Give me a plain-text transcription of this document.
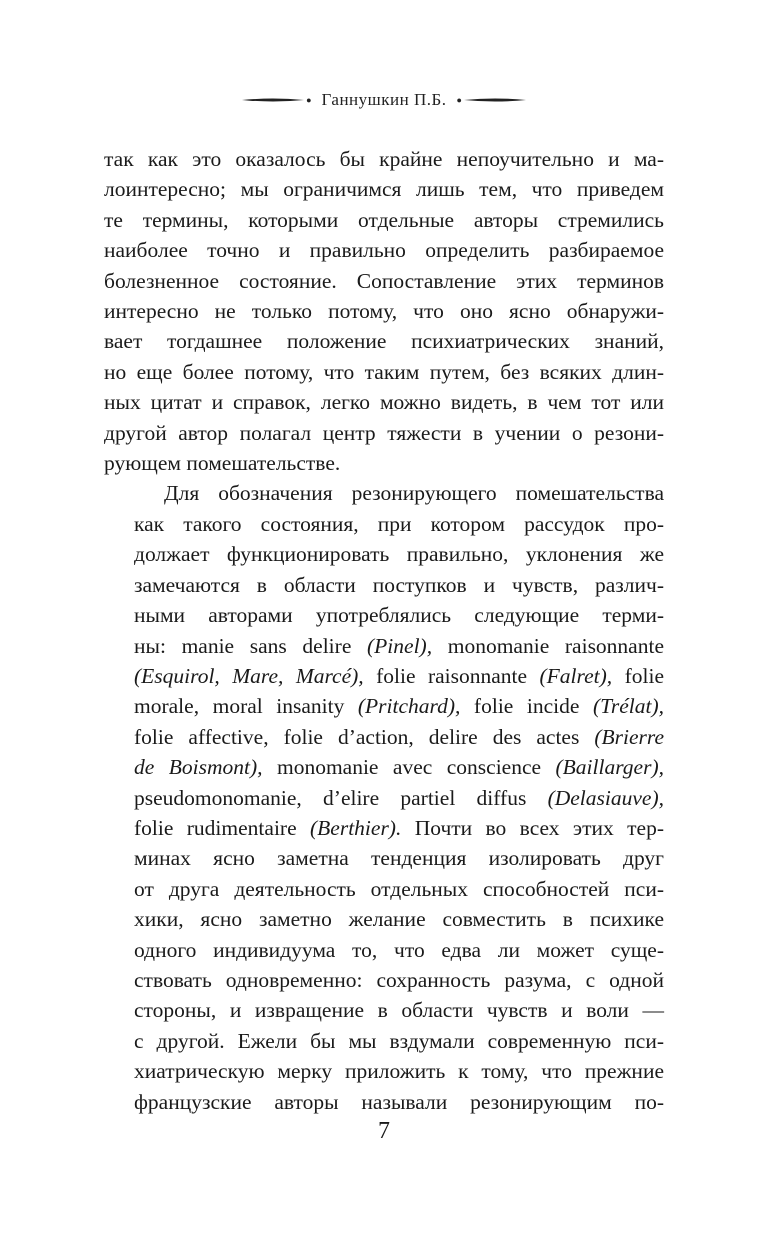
● Ганнушкин П.Б. ●

так как это оказалось бы крайне непоучительно и ма-
лоинтересно; мы ограничимся лишь тем, что приведем
те термины, которыми отдельные авторы стремились
наиболее точно и правильно определить разбираемое
болезненное состояние. Сопоставление этих терминов
интересно не только потому, что оно ясно обнаружи-
вает тогдашнее положение психиатрических знаний,
но еще более потому, что таким путем, без всяких длин-
ных цитат и справок, легко можно видеть, в чем тот или
другой автор полагал центр тяжести в учении о резони-
рующем помешательстве.

Для обозначения резонирующего помешательства
как такого состояния, при котором рассудок про-
должает функционировать правильно, уклонения же
замечаются в области поступков и чувств, различ-
ными авторами употреблялись следующие терми-
ны: manie sans delire (Pinel), monomanie raisonnante
(Esquirol, Mare, Marcé), folie raisonnante (Falret), folie
morale, moral insanity (Pritchard), folie incide (Trélat),
folie affective, folie d’action, delire des actes (Brierre
de Boismont), monomanie avec conscience (Baillarger),
pseudomonomanie, d’elire partiel diffus (Delasiauve),
folie rudimentaire (Berthier). Почти во всех этих тер-
минах ясно заметна тенденция изолировать друг
от друга деятельность отдельных способностей пси-
хики, ясно заметно желание совместить в психике
одного индивидуума то, что едва ли может суще-
ствовать одновременно: сохранность разума, с одной
стороны, и извращение в области чувств и воли —
с другой. Ежели бы мы вздумали современную пси-
хиатрическую мерку приложить к тому, что прежние
французские авторы называли резонирующим по-

7
